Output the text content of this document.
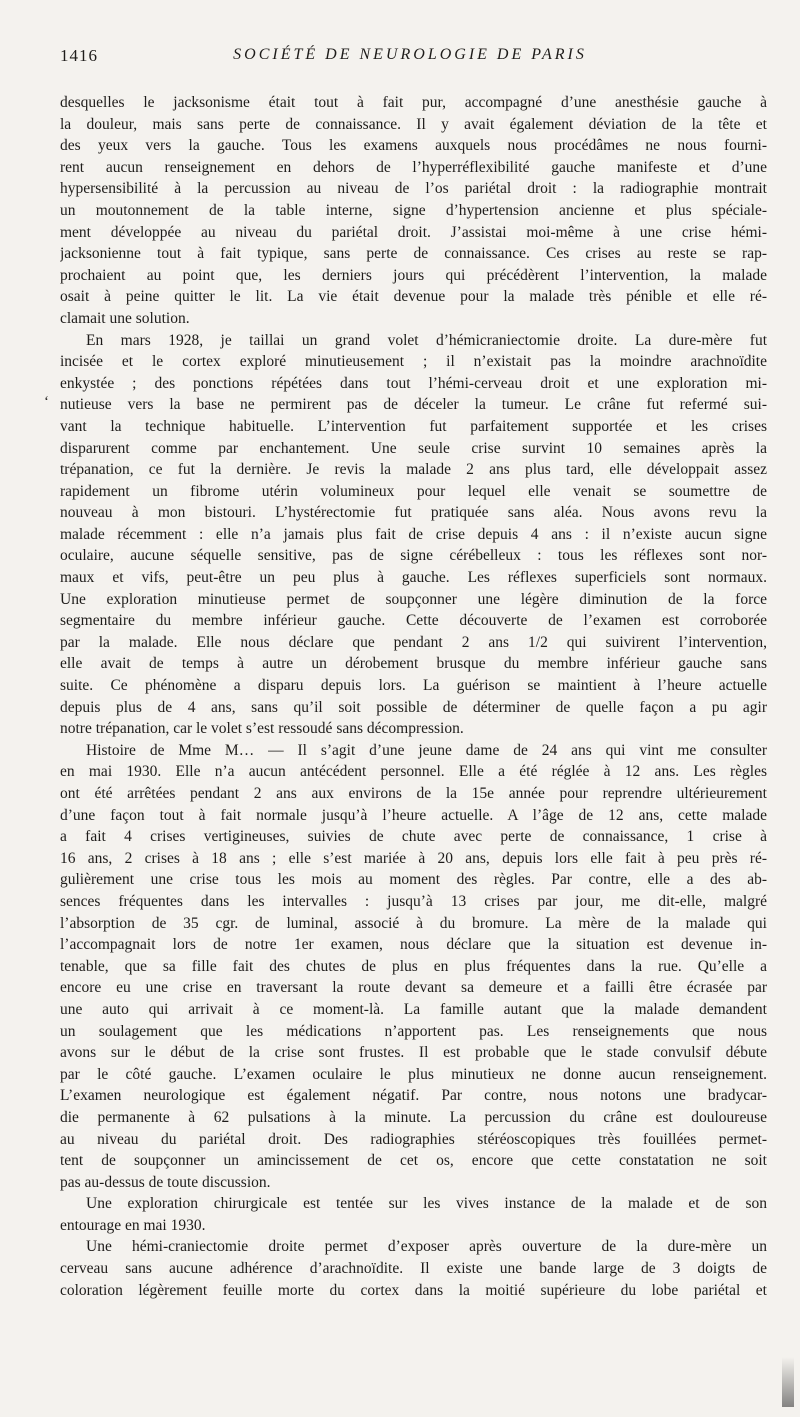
1416	SOCIÉTÉ DE NEUROLOGIE DE PARIS
‘
desquelles le jacksonisme était tout à fait pur, accompagné d’une anesthésie gauche à
la douleur, mais sans perte de connaissance. Il y avait également déviation de la tête et
des yeux vers la gauche. Tous les examens auxquels nous procédâmes ne nous fourni-
rent aucun renseignement en dehors de l’hyperréflexibilité gauche manifeste et d’une
hypersensibilité à la percussion au niveau de l’os pariétal droit : la radiographie montrait
un moutonnement de la table interne, signe d’hypertension ancienne et plus spéciale-
ment développée au niveau du pariétal droit. J’assistai moi-même à une crise hémi-
jacksonienne tout à fait typique, sans perte de connaissance. Ces crises au reste se rap-
prochaient au point que, les derniers jours qui précédèrent l’intervention, la malade
osait à peine quitter le lit. La vie était devenue pour la malade très pénible et elle ré-
clamait une solution.
En mars 1928, je taillai un grand volet d’hémicraniectomie droite. La dure-mère fut
incisée et le cortex exploré minutieusement ; il n’existait pas la moindre arachnoïdite
enkystée ; des ponctions répétées dans tout l’hémi-cerveau droit et une exploration mi-
nutieuse vers la base ne permirent pas de déceler la tumeur. Le crâne fut refermé sui-
vant la technique habituelle. L’intervention fut parfaitement supportée et les crises
disparurent comme par enchantement. Une seule crise survint 10 semaines après la
trépanation, ce fut la dernière. Je revis la malade 2 ans plus tard, elle développait assez
rapidement un fibrome utérin volumineux pour lequel elle venait se soumettre de
nouveau à mon bistouri. L’hystérectomie fut pratiquée sans aléa. Nous avons revu la
malade récemment : elle n’a jamais plus fait de crise depuis 4 ans : il n’existe aucun signe
oculaire, aucune séquelle sensitive, pas de signe cérébelleux : tous les réflexes sont nor-
maux et vifs, peut-être un peu plus à gauche. Les réflexes superficiels sont normaux.
Une exploration minutieuse permet de soupçonner une légère diminution de la force
segmentaire du membre inférieur gauche. Cette découverte de l’examen est corroborée
par la malade. Elle nous déclare que pendant 2 ans 1/2 qui suivirent l’intervention,
elle avait de temps à autre un dérobement brusque du membre inférieur gauche sans
suite. Ce phénomène a disparu depuis lors. La guérison se maintient à l’heure actuelle
depuis plus de 4 ans, sans qu’il soit possible de déterminer de quelle façon a pu agir
notre trépanation, car le volet s’est ressoudé sans décompression.
Histoire de Mme M… — Il s’agit d’une jeune dame de 24 ans qui vint me consulter
en mai 1930. Elle n’a aucun antécédent personnel. Elle a été réglée à 12 ans. Les règles
ont été arrêtées pendant 2 ans aux environs de la 15e année pour reprendre ultérieurement
d’une façon tout à fait normale jusqu’à l’heure actuelle. A l’âge de 12 ans, cette malade
a fait 4 crises vertigineuses, suivies de chute avec perte de connaissance, 1 crise à
16 ans, 2 crises à 18 ans ; elle s’est mariée à 20 ans, depuis lors elle fait à peu près ré-
gulièrement une crise tous les mois au moment des règles. Par contre, elle a des ab-
sences fréquentes dans les intervalles : jusqu’à 13 crises par jour, me dit-elle, malgré
l’absorption de 35 cgr. de luminal, associé à du bromure. La mère de la malade qui
l’accompagnait lors de notre 1er examen, nous déclare que la situation est devenue in-
tenable, que sa fille fait des chutes de plus en plus fréquentes dans la rue. Qu’elle a
encore eu une crise en traversant la route devant sa demeure et a failli être écrasée par
une auto qui arrivait à ce moment-là. La famille autant que la malade demandent
un soulagement que les médications n’apportent pas. Les renseignements que nous
avons sur le début de la crise sont frustes. Il est probable que le stade convulsif débute
par le côté gauche. L’examen oculaire le plus minutieux ne donne aucun renseignement.
L’examen neurologique est également négatif. Par contre, nous notons une bradycar-
die permanente à 62 pulsations à la minute. La percussion du crâne est douloureuse
au niveau du pariétal droit. Des radiographies stéréoscopiques très fouillées permet-
tent de soupçonner un amincissement de cet os, encore que cette constatation ne soit
pas au-dessus de toute discussion.
Une exploration chirurgicale est tentée sur les vives instance de la malade et de son
entourage en mai 1930.
Une hémi-craniectomie droite permet d’exposer après ouverture de la dure-mère un
cerveau sans aucune adhérence d’arachnoïdite. Il existe une bande large de 3 doigts de
coloration légèrement feuille morte du cortex dans la moitié supérieure du lobe pariétal et
